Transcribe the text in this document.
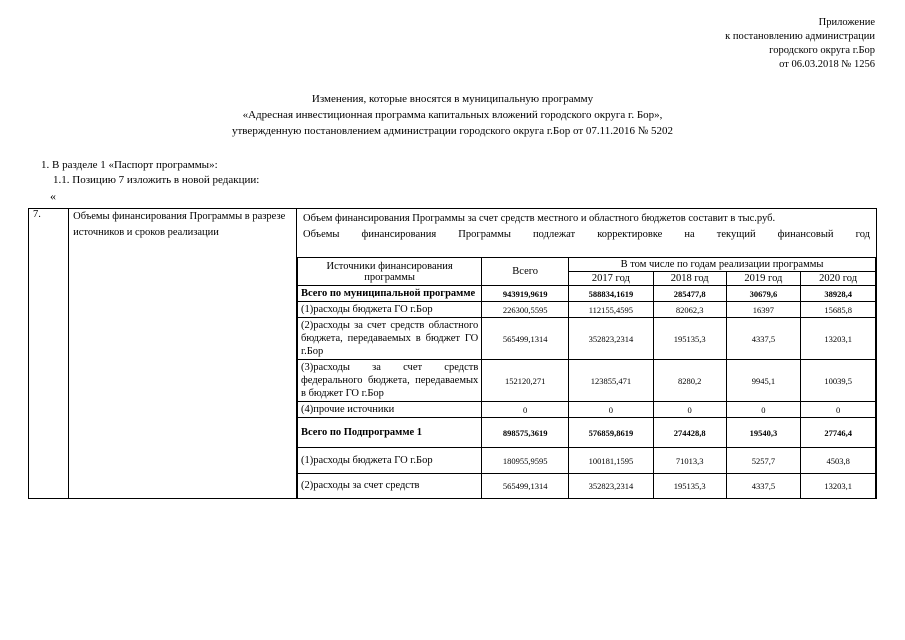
Приложение
к постановлению администрации
городского округа г.Бор
от 06.03.2018 № 1256
Изменения, которые вносятся в муниципальную программу
«Адресная инвестиционная программа капитальных вложений городского округа г. Бор»,
утвержденную постановлением администрации городского округа г.Бор от 07.11.2016 № 5202
1. В разделе 1 «Паспорт программы»:
1.1. Позицию 7 изложить в новой редакции:
«
7.	Объемы финансирования Программы в разрезе источников и сроков реализации	

Объем финансирования Программы за счет средств местного и областного бюджетов составит в тыс.руб.

Объемы финансирования Программы подлежат корректировке на текущий финансовый год

Источники финансирования программы	Всего	В том числе по годам реализации программы
2017 год	2018 год	2019 год	2020 год
Всего по муниципальной программе	943919,9619	588834,1619	285477,8	30679,6	38928,4
(1)расходы бюджета ГО г.Бор	226300,5595	112155,4595	82062,3	16397	15685,8
(2)расходы за счет средств областного бюджета, передаваемых в бюджет ГО г.Бор	565499,1314	352823,2314	195135,3	4337,5	13203,1
(3)расходы за счет средств федерального бюджета, передаваемых в бюджет ГО г.Бор	152120,271	123855,471	8280,2	9945,1	10039,5
(4)прочие источники	0	0	0	0	0
Всего по Подпрограмме 1	898575,3619	576859,8619	274428,8	19540,3	27746,4
(1)расходы бюджета ГО г.Бор	180955,9595	100181,1595	71013,3	5257,7	4503,8
(2)расходы за счет средств	565499,1314	352823,2314	195135,3	4337,5	13203,1
